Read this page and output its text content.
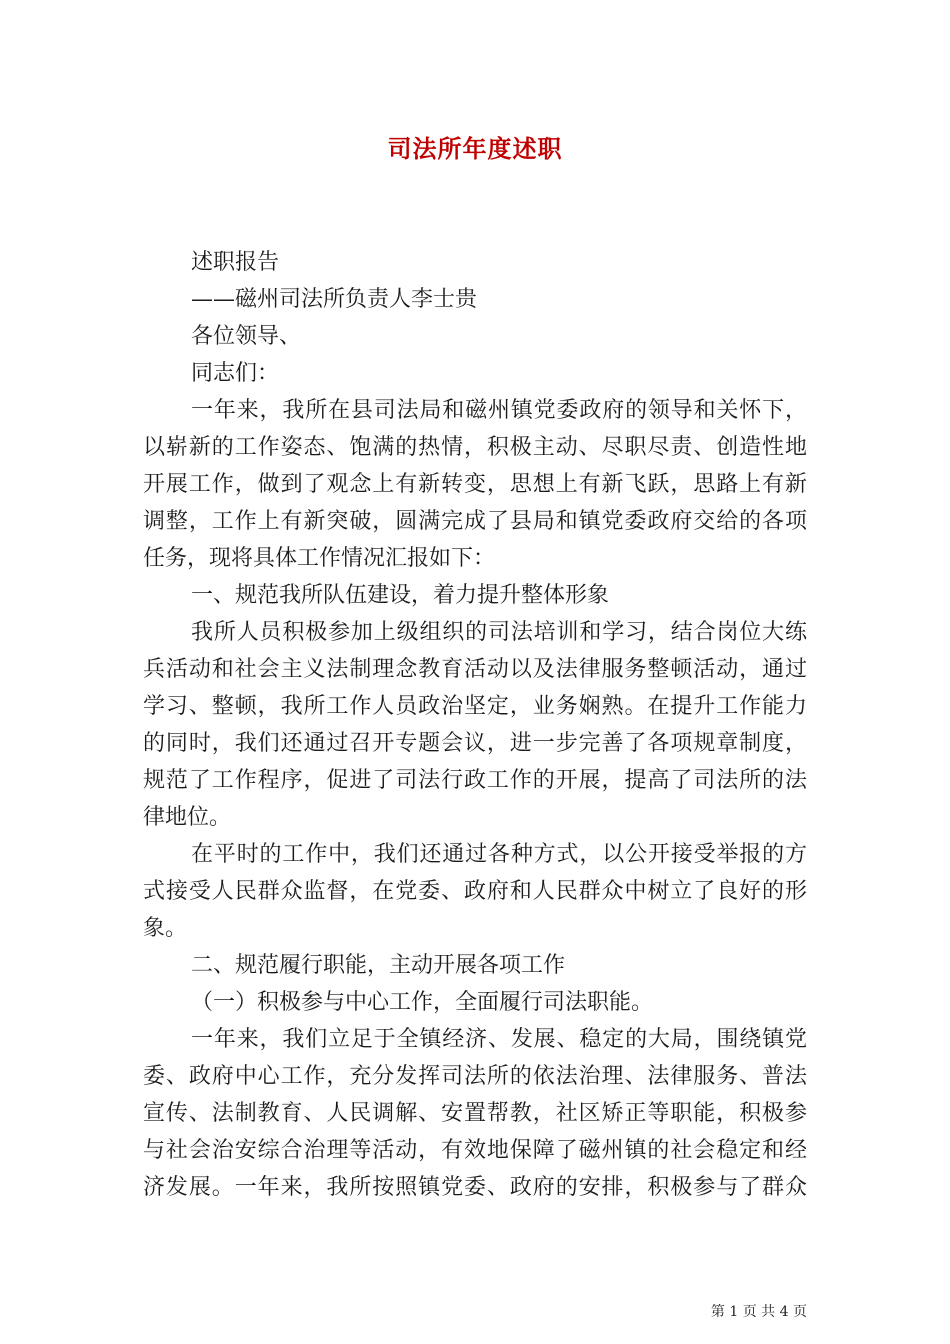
司法所年度述职
述职报告
——磁州司法所负责人李士贵
各位领导、
同志们：
一年来，我所在县司法局和磁州镇党委政府的领导和关怀下，
以崭新的工作姿态、饱满的热情，积极主动、尽职尽责、创造性地
开展工作，做到了观念上有新转变，思想上有新飞跃，思路上有新
调整，工作上有新突破，圆满完成了县局和镇党委政府交给的各项
任务，现将具体工作情况汇报如下：
一、规范我所队伍建设，着力提升整体形象
我所人员积极参加上级组织的司法培训和学习，结合岗位大练
兵活动和社会主义法制理念教育活动以及法律服务整顿活动，通过
学习、整顿，我所工作人员政治坚定，业务娴熟。在提升工作能力
的同时，我们还通过召开专题会议，进一步完善了各项规章制度，
规范了工作程序，促进了司法行政工作的开展，提高了司法所的法
律地位。
在平时的工作中，我们还通过各种方式，以公开接受举报的方
式接受人民群众监督，在党委、政府和人民群众中树立了良好的形
象。
二、规范履行职能，主动开展各项工作
（一）积极参与中心工作，全面履行司法职能。
一年来，我们立足于全镇经济、发展、稳定的大局，围绕镇党
委、政府中心工作，充分发挥司法所的依法治理、法律服务、普法
宣传、法制教育、人民调解、安置帮教，社区矫正等职能，积极参
与社会治安综合治理等活动，有效地保障了磁州镇的社会稳定和经
济发展。一年来，我所按照镇党委、政府的安排，积极参与了群众
第 1 页 共 4 页
